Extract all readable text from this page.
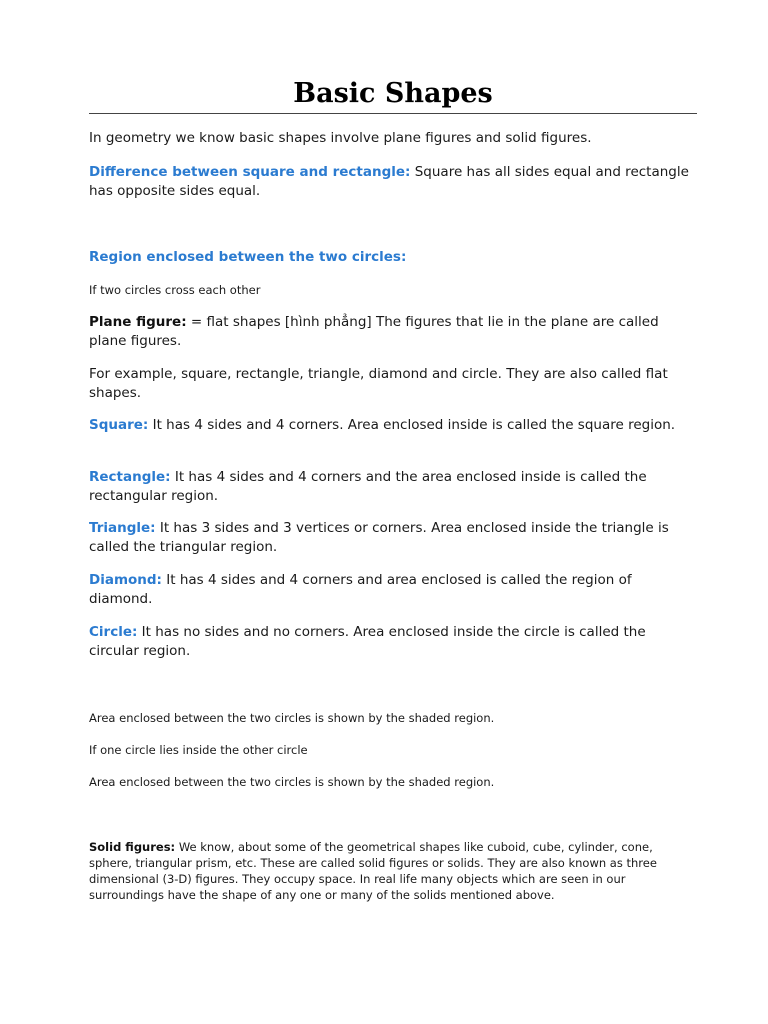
Basic Shapes

In geometry we know basic shapes involve plane figures and solid figures.

Difference between square and rectangle: Square has all sides equal and rectangle has opposite sides equal.

Region enclosed between the two circles:

If two circles cross each other

Plane figure: = flat shapes [hình phẳng] The figures that lie in the plane are called plane figures.

For example, square, rectangle, triangle, diamond and circle. They are also called flat shapes.

Square: It has 4 sides and 4 corners. Area enclosed inside is called the square region.

Rectangle: It has 4 sides and 4 corners and the area enclosed inside is called the rectangular region.

Triangle: It has 3 sides and 3 vertices or corners. Area enclosed inside the triangle is called the triangular region.

Diamond: It has 4 sides and 4 corners and area enclosed is called the region of diamond.

Circle: It has no sides and no corners. Area enclosed inside the circle is called the circular region.

Area enclosed between the two circles is shown by the shaded region.

If one circle lies inside the other circle

Area enclosed between the two circles is shown by the shaded region.

Solid figures: We know, about some of the geometrical shapes like cuboid, cube, cylinder, cone, sphere, triangular prism, etc. These are called solid figures or solids. They are also known as three dimensional (3-D) figures. They occupy space. In real life many objects which are seen in our surroundings have the shape of any one or many of the solids mentioned above.
